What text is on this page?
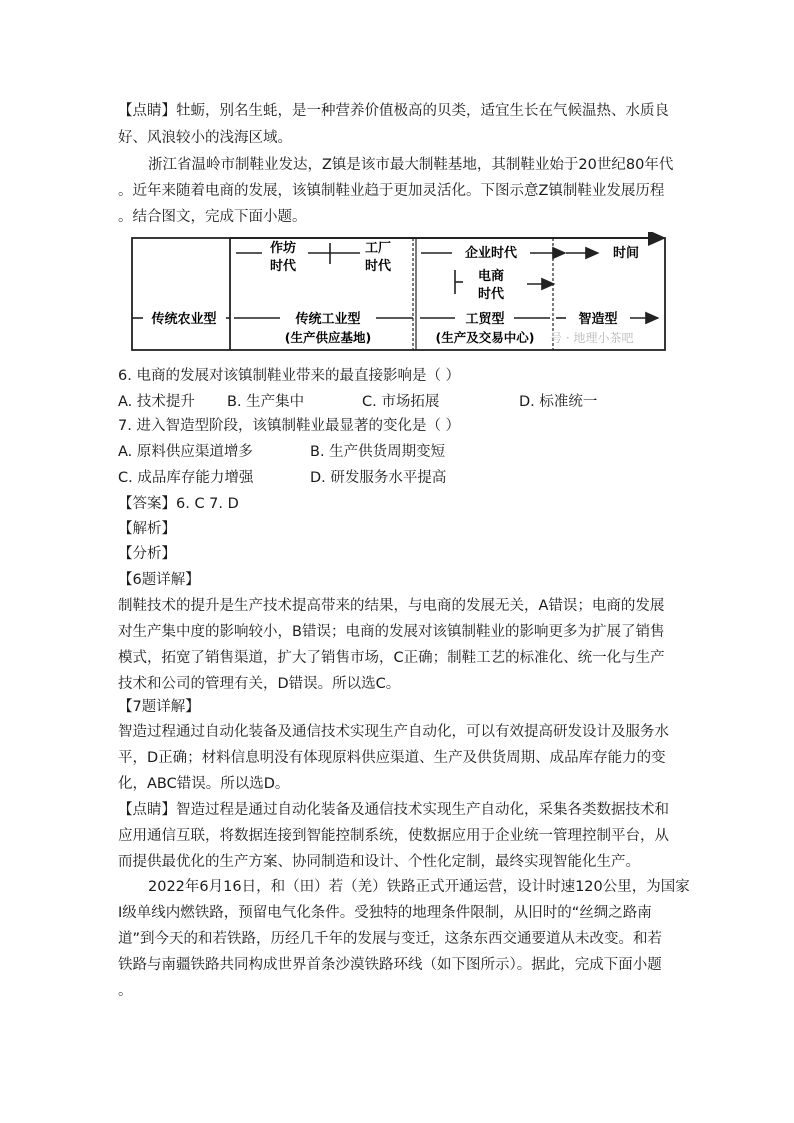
【点睛】牡蛎，别名生蚝，是一种营养价值极高的贝类，适宜生长在气候温热、水质良
好、风浪较小的浅海区域。
浙江省温岭市制鞋业发达，Z镇是该市最大制鞋基地，其制鞋业始于20世纪80年代
。近年来随着电商的发展，该镇制鞋业趋于更加灵活化。下图示意Z镇制鞋业发展历程
。结合图文，完成下面小题。
作坊
时代
工厂
时代
企业时代	时间
电商
时代
传统农业型	传统工业型
(生产供应基地)
工贸型
(生产及交易中心)
智造型
号 · 地理小茶吧
6. 电商的发展对该镇制鞋业带来的最直接影响是（ ）
A. 技术提升 B. 生产集中	C. 市场拓展	D. 标准统一
7. 进入智造型阶段，该镇制鞋业最显著的变化是（ ）
A. 原料供应渠道增多	B. 生产供货周期变短
C. 成品库存能力增强	D. 研发服务水平提高
【答案】6. C 7. D
【解析】
【分析】
【6题详解】
制鞋技术的提升是生产技术提高带来的结果，与电商的发展无关，A错误；电商的发展
对生产集中度的影响较小，B错误；电商的发展对该镇制鞋业的影响更多为扩展了销售
模式，拓宽了销售渠道，扩大了销售市场，C正确；制鞋工艺的标准化、统一化与生产
技术和公司的管理有关，D错误。所以选C。
【7题详解】
智造过程通过自动化装备及通信技术实现生产自动化，可以有效提高研发设计及服务水
平，D正确；材料信息明没有体现原料供应渠道、生产及供货周期、成品库存能力的变
化，ABC错误。所以选D。
【点睛】智造过程是通过自动化装备及通信技术实现生产自动化，采集各类数据技术和
应用通信互联，将数据连接到智能控制系统，使数据应用于企业统一管理控制平台，从
而提供最优化的生产方案、协同制造和设计、个性化定制，最终实现智能化生产。
2022年6月16日，和（田）若（羌）铁路正式开通运营，设计时速120公里，为国家
Ⅰ级单线内燃铁路，预留电气化条件。受独特的地理条件限制，从旧时的“丝绸之路南
道”到今天的和若铁路，历经几千年的发展与变迁，这条东西交通要道从未改变。和若
铁路与南疆铁路共同构成世界首条沙漠铁路环线（如下图所示）。据此，完成下面小题
。
